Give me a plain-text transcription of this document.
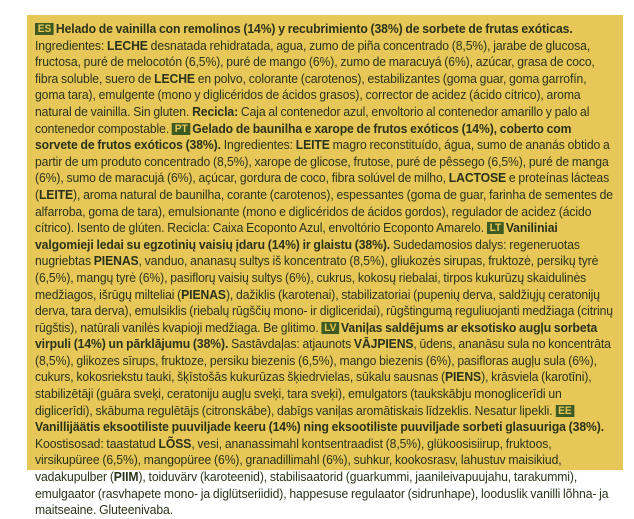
ES Helado de vainilla con remolinos (14%) y recubrimiento (38%) de sorbete de frutas exóticas. Ingredientes: LECHE desnatada rehidratada, agua, zumo de piña concentrado (8,5%), jarabe de glucosa, fructosa, puré de melocotón (6,5%), puré de mango (6%), zumo de maracuyá (6%), azúcar, grasa de coco, fibra soluble, suero de LECHE en polvo, colorante (carotenos), estabilizantes (goma guar, goma garrofín, goma tara), emulgente (mono y diglicéridos de ácidos grasos), corrector de acidez (ácido cítrico), aroma natural de vainilla. Sin gluten. Recicla: Caja al contenedor azul, envoltorio al contenedor amarillo y palo al contenedor compostable. PT Gelado de baunilha e xarope de frutos exóticos (14%), coberto com sorvete de frutos exóticos (38%). Ingredientes: LEITE magro reconstituído, água, sumo de ananás obtido a partir de um produto concentrado (8,5%), xarope de glicose, frutose, puré de pêssego (6,5%), puré de manga (6%), sumo de maracujá (6%), açúcar, gordura de coco, fibra solúvel de milho, LACTOSE e proteínas lácteas (LEITE), aroma natural de baunilha, corante (carotenos), espessantes (goma de guar, farinha de sementes de alfarroba, goma de tara), emulsionante (mono e diglicéridos de ácidos gordos), regulador de acidez (ácido cítrico). Isento de glúten. Recicla: Caixa Ecoponto Azul, envoltório Ecoponto Amarelo. LT Vaniliniai valgomieji ledai su egzotinių vaisių įdaru (14%) ir glaistu (38%). Sudedamosios dalys: regeneruotas nugriebtas PIENAS, vanduo, ananasų sultys iš koncentrato (8,5%), gliukozės sirupas, fruktozė, persikų tyrė (6,5%), mangų tyrė (6%), pasiflorų vaisių sultys (6%), cukrus, kokosų riebalai, tirpos kukurūzų skaidulinės medžiagos, išrūgų milteliai (PIENAS), dažiklis (karotenai), stabilizatoriai (pupenių derva, saldžiųjų ceratonijų derva, tara derva), emulsiklis (riebalų rūgščių mono- ir digliceridai), rūgštingumą reguliuojanti medžiaga (citrinų rūgštis), natūrali vanilės kvapioji medžiaga. Be glitimo. LV Vaniļas saldējums ar eksotisko augļu sorbeta virpuli (14%) un pārklājumu (38%). Sastāvdaļas: atjaunots VĀJPIENS, ūdens, ananāsu sula no koncentrāta (8,5%), glikozes sīrups, fruktoze, persiku biezenis (6,5%), mango biezenis (6%), pasifloras augļu sula (6%), cukurs, kokosriekstu tauki, šķīstošās kukurūzas šķiedrvielas, sūkalu sausnas (PIENS), krāsviela (karotīni), stabilizētāji (guāra sveķi, ceratoniju augļu sveķi, tara sveķi), emulgators (taukskābju monoglicerīdi un diglicerīdi), skābuma regulētājs (citronskābe), dabīgs vaniļas aromātiskais līdzeklis. Nesatur lipekli. EEVanillijäätis eksootiliste puuviljade keeru (14%) ning eksootiliste puuviljade sorbeti glasuuriga (38%). Koostisosad: taastatud LÕSS, vesi, ananassimahl kontsentraadist (8,5%), glükoosisiirup, fruktoos, virsikupüree (6,5%), mangopüree (6%), granadillimahl (6%), suhkur, kookosrasv, lahustuv maisikiud, vadakupulber (PIIM), toiduvärv (karoteenid), stabilisaatorid (guarkummi, jaanileivapuujahu, tarakummi), emulgaator (rasvhapete mono- ja diglütseriidid), happesuse regulaator (sidrunhape), looduslik vanilli lõhna- ja maitseaine. Gluteenivaba.
